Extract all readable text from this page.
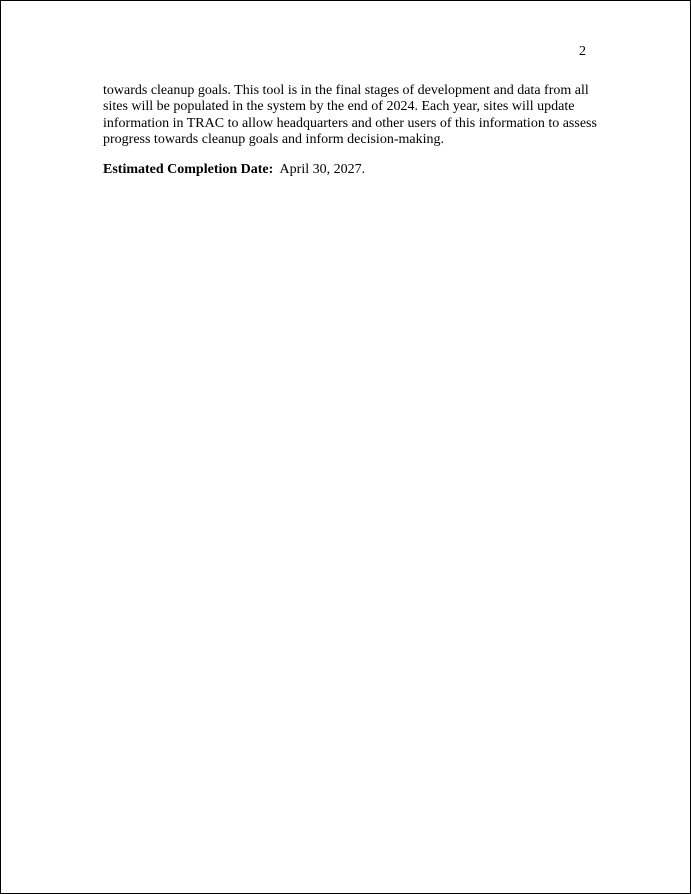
2

towards cleanup goals. This tool is in the final stages of development and data from all
sites will be populated in the system by the end of 2024. Each year, sites will update
information in TRAC to allow headquarters and other users of this information to assess
progress towards cleanup goals and inform decision-making.

Estimated Completion Date: April 30, 2027.
